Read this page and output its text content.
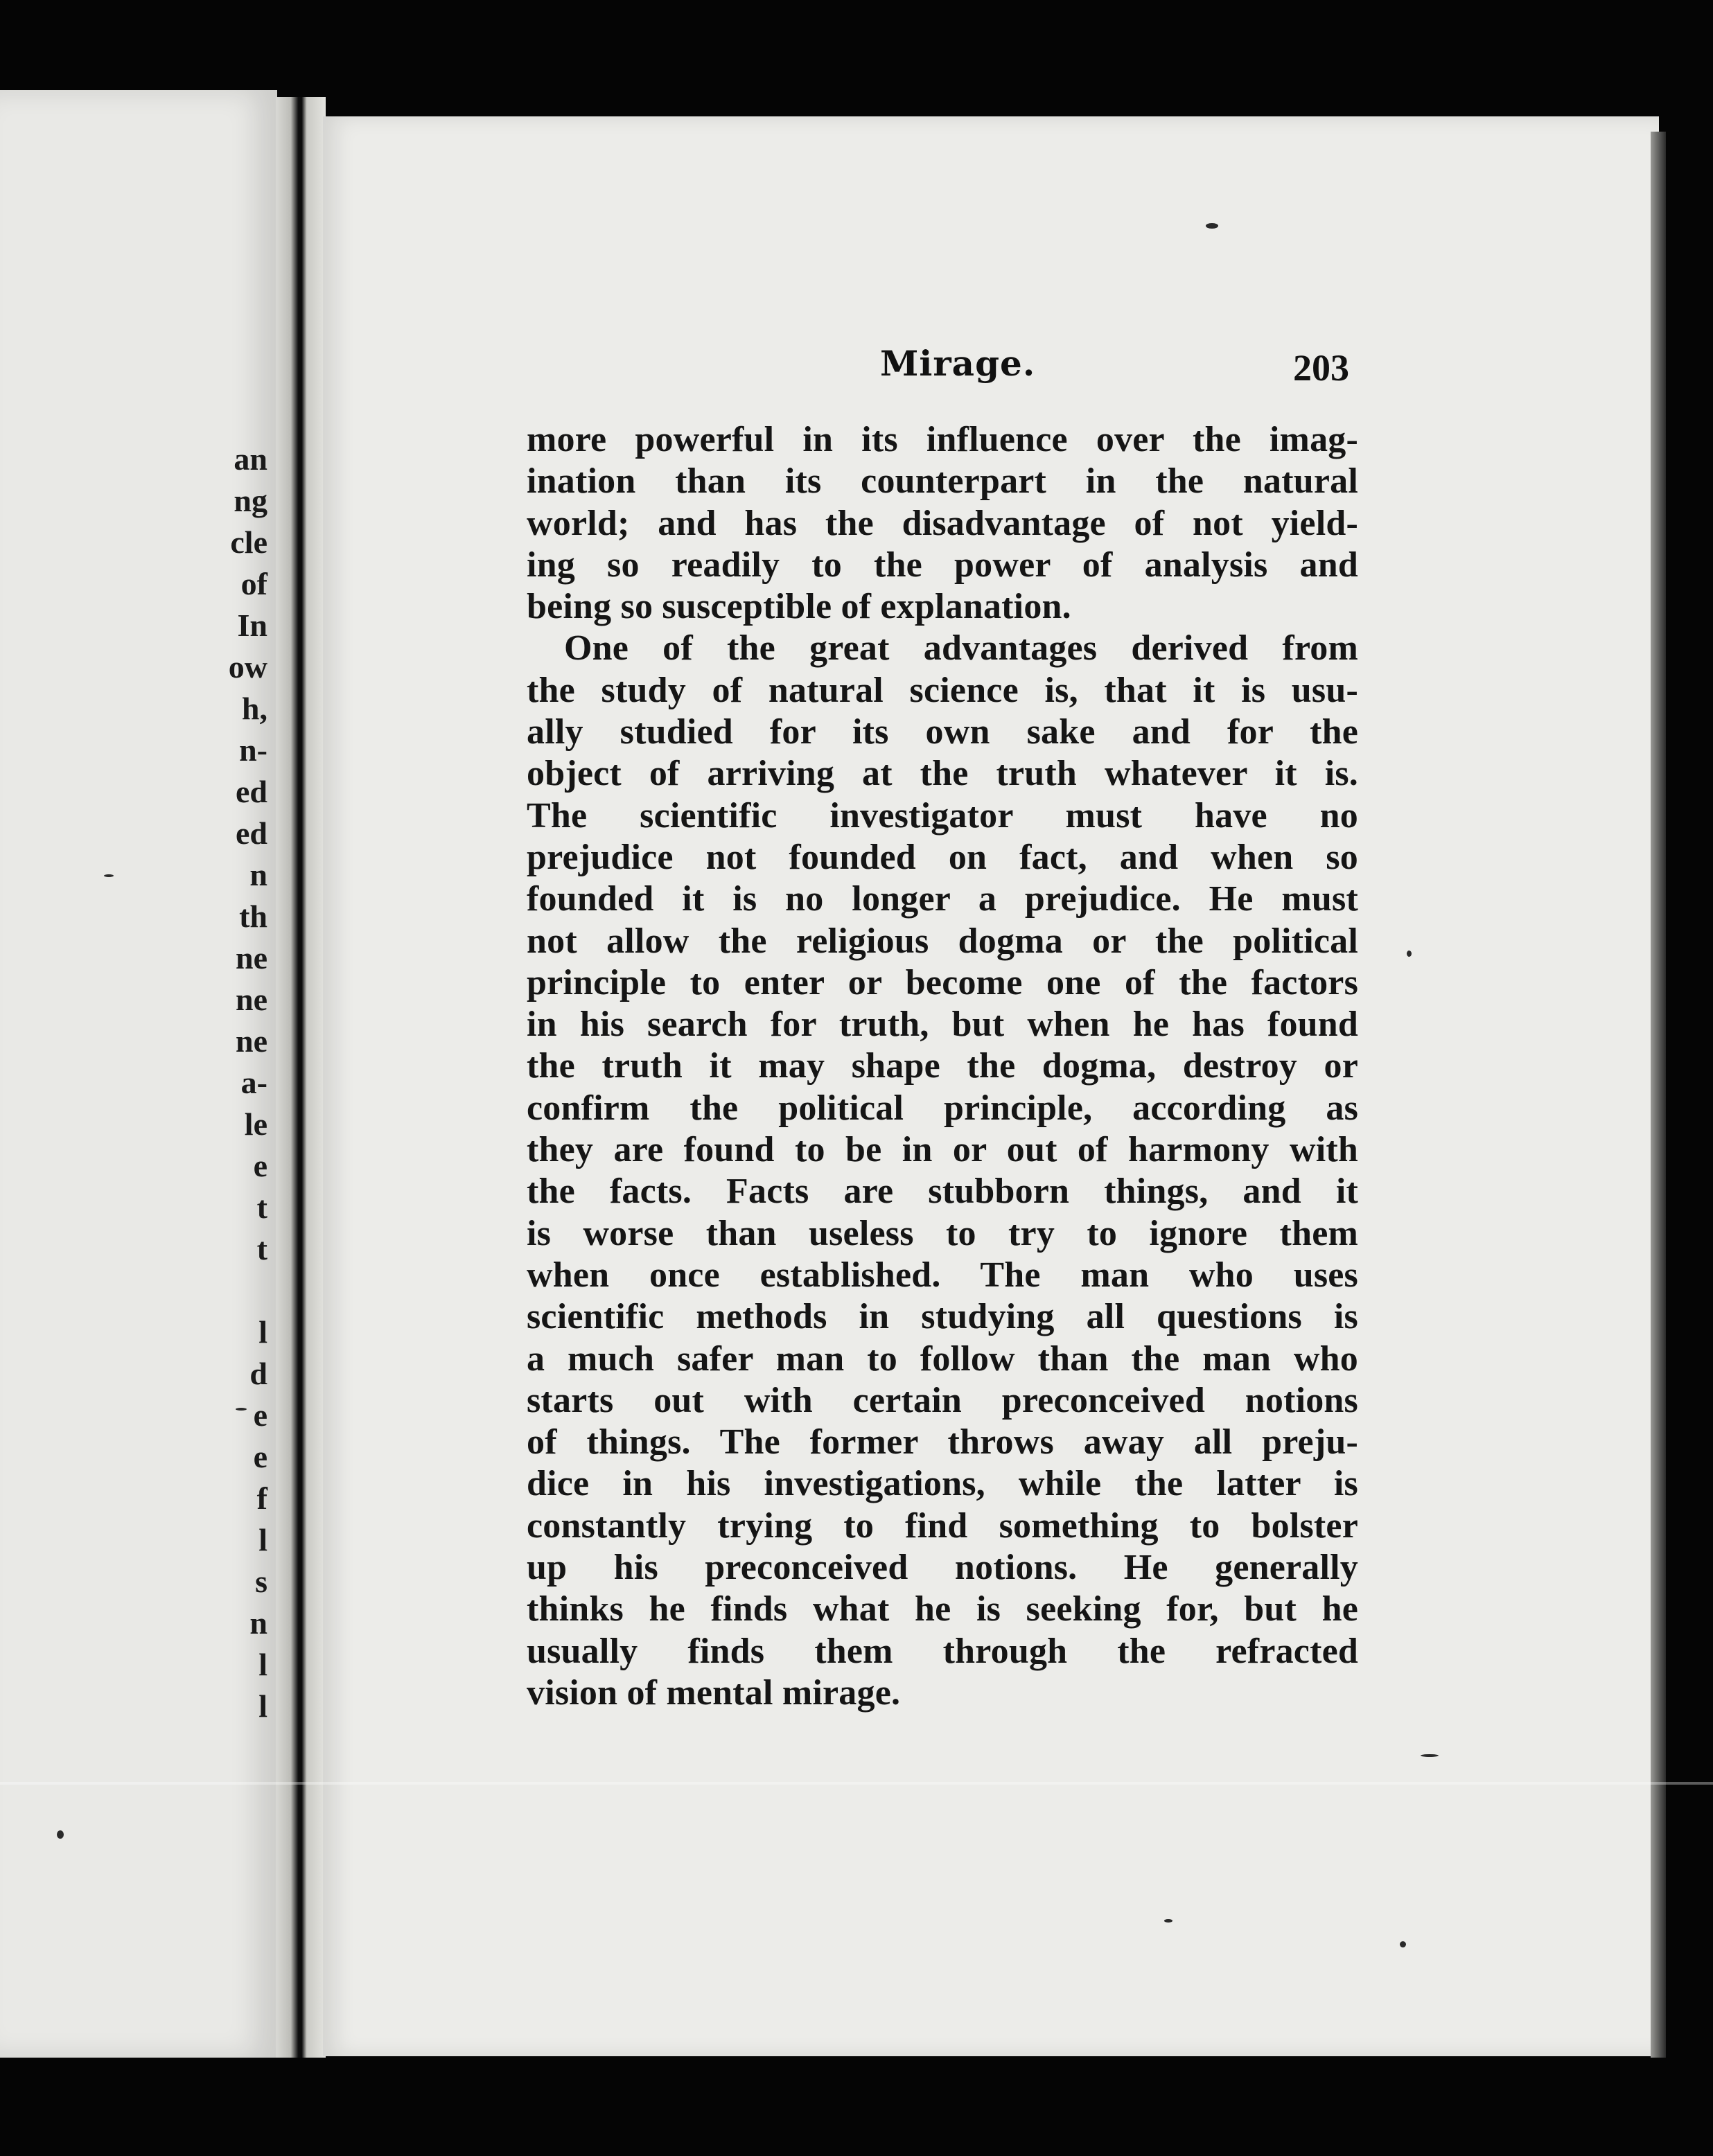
an
ng
cle
of
In
ow
h,
n-
ed
ed
n
th
ne
ne
ne
a-
le
e
t
t
l
d
e
e
f
l
s
n
l
l
Mirage.	203
more powerful in its influence over the imag-
ination than its counterpart in the natural
world; and has the disadvantage of not yield-
ing so readily to the power of analysis and
being so susceptible of explanation.
One of the great advantages derived from
the study of natural science is, that it is usu-
ally studied for its own sake and for the
object of arriving at the truth whatever it is.
The scientific investigator must have no
prejudice not founded on fact, and when so
founded it is no longer a prejudice. He must
not allow the religious dogma or the political
principle to enter or become one of the factors
in his search for truth, but when he has found
the truth it may shape the dogma, destroy or
confirm the political principle, according as
they are found to be in or out of harmony with
the facts. Facts are stubborn things, and it
is worse than useless to try to ignore them
when once established. The man who uses
scientific methods in studying all questions is
a much safer man to follow than the man who
starts out with certain preconceived notions
of things. The former throws away all preju-
dice in his investigations, while the latter is
constantly trying to find something to bolster
up his preconceived notions. He generally
thinks he finds what he is seeking for, but he
usually finds them through the refracted
vision of mental mirage.
